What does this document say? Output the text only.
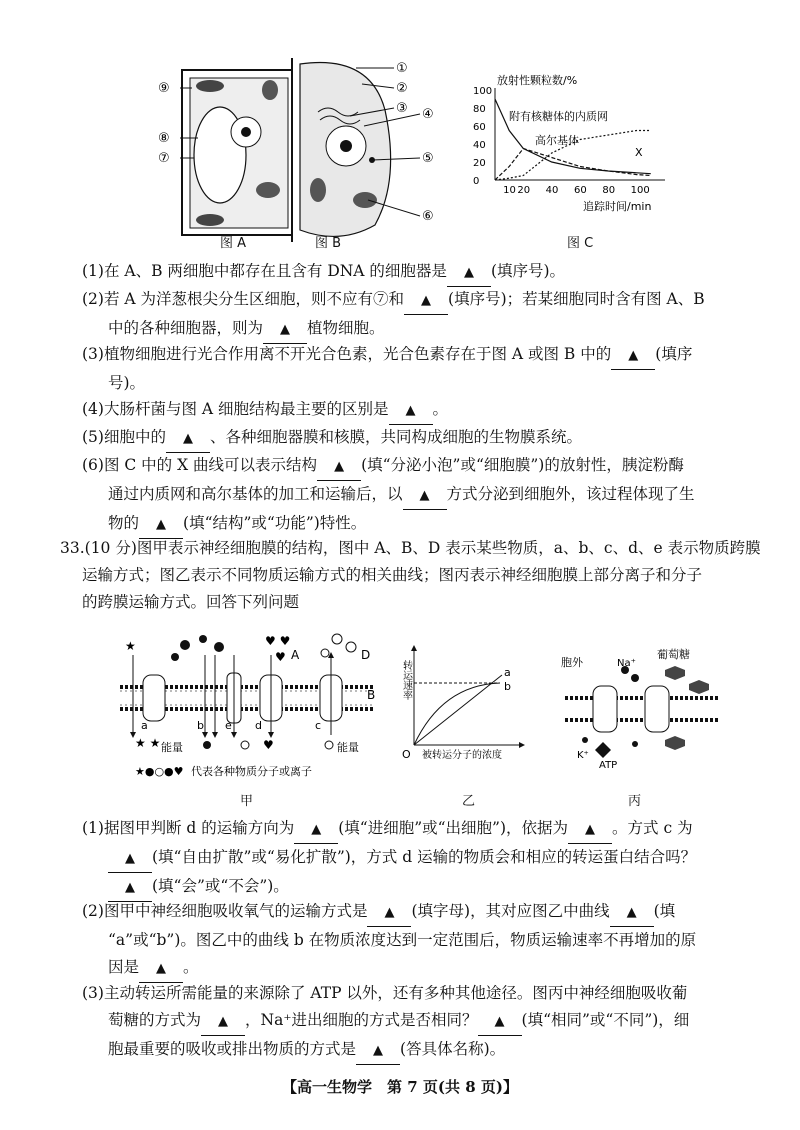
⑨
⑧
⑦
①
②
③ ④
⑤
⑥
图 A	图 B
放射性颗粒数/%
100
80
60
40
20
0
10 20 40 60 80 100
附有核糖体的内质网
高尔基体
X
追踪时间/min
图 C
(1)在 A、B 两细胞中都存在且含有 DNA 的细胞器是 ▲ (填序号)。
(2)若 A 为洋葱根尖分生区细胞，则不应有⑦和 ▲ (填序号)；若某细胞同时含有图 A、B

中的各种细胞器，则为 ▲ 植物细胞。
(3)植物细胞进行光合作用离不开光合色素，光合色素存在于图 A 或图 B 中的 ▲ (填序

号)。
(4)大肠杆菌与图 A 细胞结构最主要的区别是 ▲ 。
(5)细胞中的 ▲ 、各种细胞器膜和核膜，共同构成细胞的生物膜系统。
(6)图 C 中的 X 曲线可以表示结构 ▲ (填“分泌小泡”或“细胞膜”)的放射性，胰淀粉酶

通过内质网和高尔基体的加工和运输后，以 ▲ 方式分泌到细胞外，该过程体现了生
物的 ▲ (填“结构”或“功能”)特性。
33.(10 分)图甲表示神经细胞膜的结构，图中 A、B、D 表示某些物质，a、b、c、d、e 表示物质跨膜
运输方式；图乙表示不同物质运输方式的相关曲线；图丙表示神经细胞膜上部分离子和分子
的跨膜运输方式。回答下列问题
♥ ♥
♥
★
★ ★	♥
A
B
D
a	b	c
d
e
能量	能量
★●○●♥ 代表各种物质分子或离子
甲
a
b
O 被转运分子的浓度
转运速率
乙
胞外
葡萄糖
Na⁺
K⁺
ATP
丙
(1)据图甲判断 d 的运输方向为 ▲ (填“进细胞”或“出细胞”)，依据为 ▲ 。方式 c 为

▲ (填“自由扩散”或“易化扩散”)，方式 d 运输的物质会和相应的转运蛋白结合吗？
▲ (填“会”或“不会”)。
(2)图甲中神经细胞吸收氧气的运输方式是 ▲ (填字母)，其对应图乙中曲线 ▲ (填

“a”或“b”)。图乙中的曲线 b 在物质浓度达到一定范围后，物质运输速率不再增加的原
因是 ▲ 。
(3)主动转运所需能量的来源除了 ATP 以外，还有多种其他途径。图丙中神经细胞吸收葡

萄糖的方式为 ▲ ，Na⁺进出细胞的方式是否相同？ ▲ (填“相同”或“不同”)，细
胞最重要的吸收或排出物质的方式是 ▲ (答具体名称)。
【高一生物学　第 7 页(共 8 页)】
